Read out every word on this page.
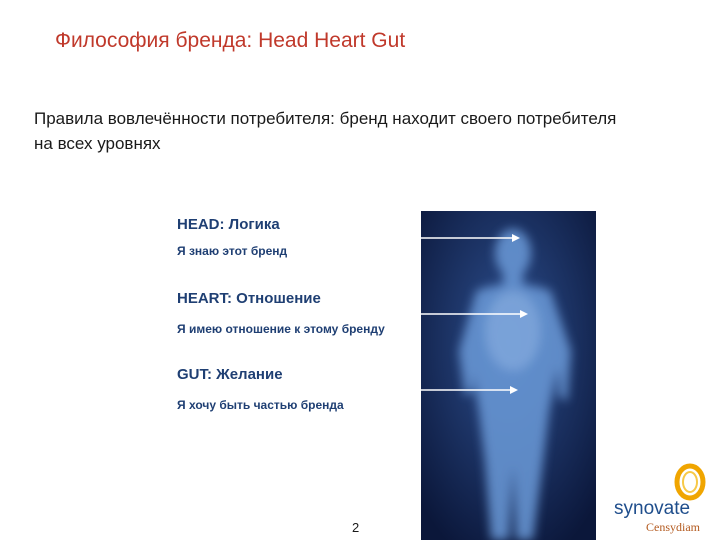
Философия бренда: Head Heart Gut
Правила вовлечённости потребителя: бренд находит своего потребителя на всех уровнях
HEAD: Логика
Я знаю этот бренд
HEART: Отношение
Я имею отношение к этому бренду
GUT: Желание
Я хочу быть частью бренда
2
synovate
Censydiam
